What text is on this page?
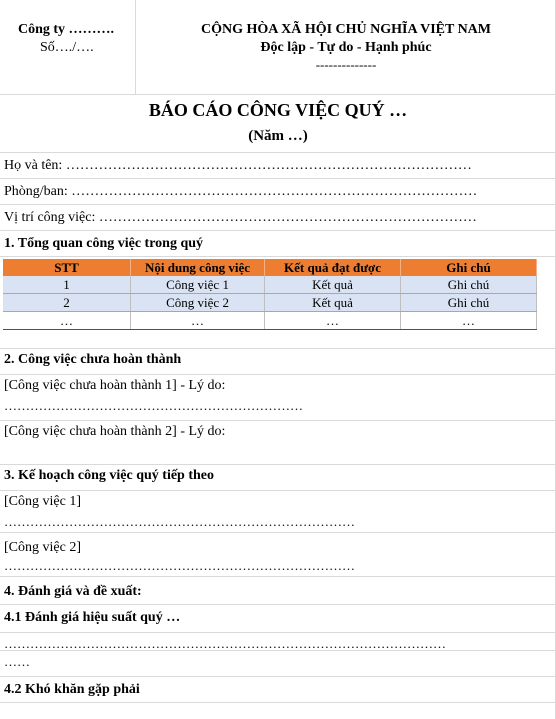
Công ty ……….
Số…./….
CỘNG HÒA XÃ HỘI CHỦ NGHĨA VIỆT NAM
Độc lập - Tự do - Hạnh phúc
--------------
BÁO CÁO CÔNG VIỆC QUÝ …
(Năm …)
Họ và tên: ……………………………………………………………………………
Phòng/ban: ……………………………………………………………………………
Vị trí công việc: ………………………………………………………………………
1. Tổng quan công việc trong quý
STT	Nội dung công việc	Kết quả đạt được	Ghi chú
1	Công việc 1	Kết quả	Ghi chú
2	Công việc 2	Kết quả	Ghi chú
…	…	…	…
2. Công việc chưa hoàn thành
[Công việc chưa hoàn thành 1] - Lý do:
……………………………………………………………
[Công việc chưa hoàn thành 2] - Lý do:
3. Kế hoạch công việc quý tiếp theo
[Công việc 1]
………………………………………………………………………
[Công việc 2]
………………………………………………………………………
4. Đánh giá và đề xuất:
4.1 Đánh giá hiệu suất quý …
…………………………………………………………………………………………
……
4.2 Khó khăn gặp phải
